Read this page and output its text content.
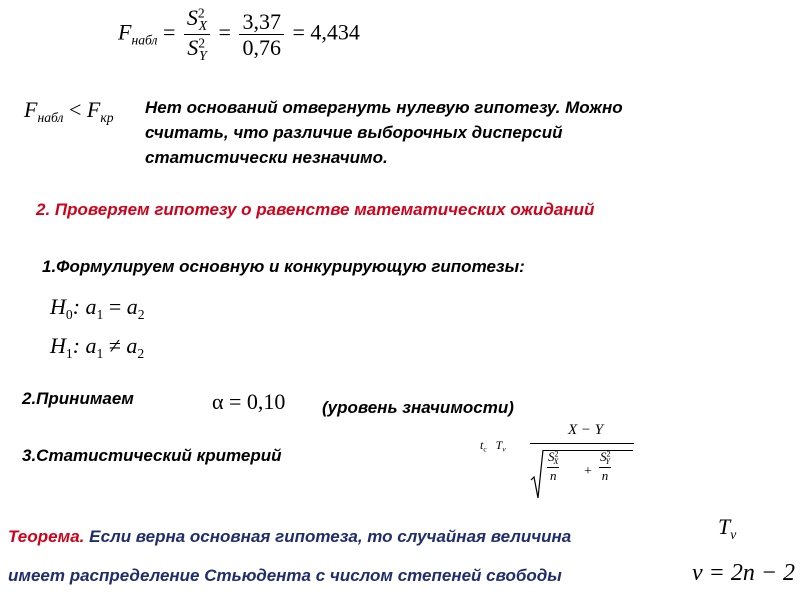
$F_{набл} = \frac{S^2_X}{S^2_Y} = \frac{3,37}{0,76} = 4,434$
$F_{набл} < F_{кр}$
Нет оснований отвергнуть нулевую гипотезу. Можно
считать, что различие выборочных дисперсий
статистически незначимо.
2. Проверяем гипотезу о равенстве математических ожиданий
1.Формулируем основную и конкурирующую гипотезы:
$H_0$: $a_1 = a_2$
$H_1$: $a_1 \ne a_2$
2.Принимаем	α = 0,10 (уровень значимости)
3.Статистический критерий
$t_c$ $T_v$
X − Y
$\frac{S^2_X}{n} + \frac{S^2_Y}{n}$
Теорема. Если верна основная гипотеза, то случайная величина	$T_\nu$
имеет распределение Стьюдента с числом степеней свободы	ν = 2n − 2
